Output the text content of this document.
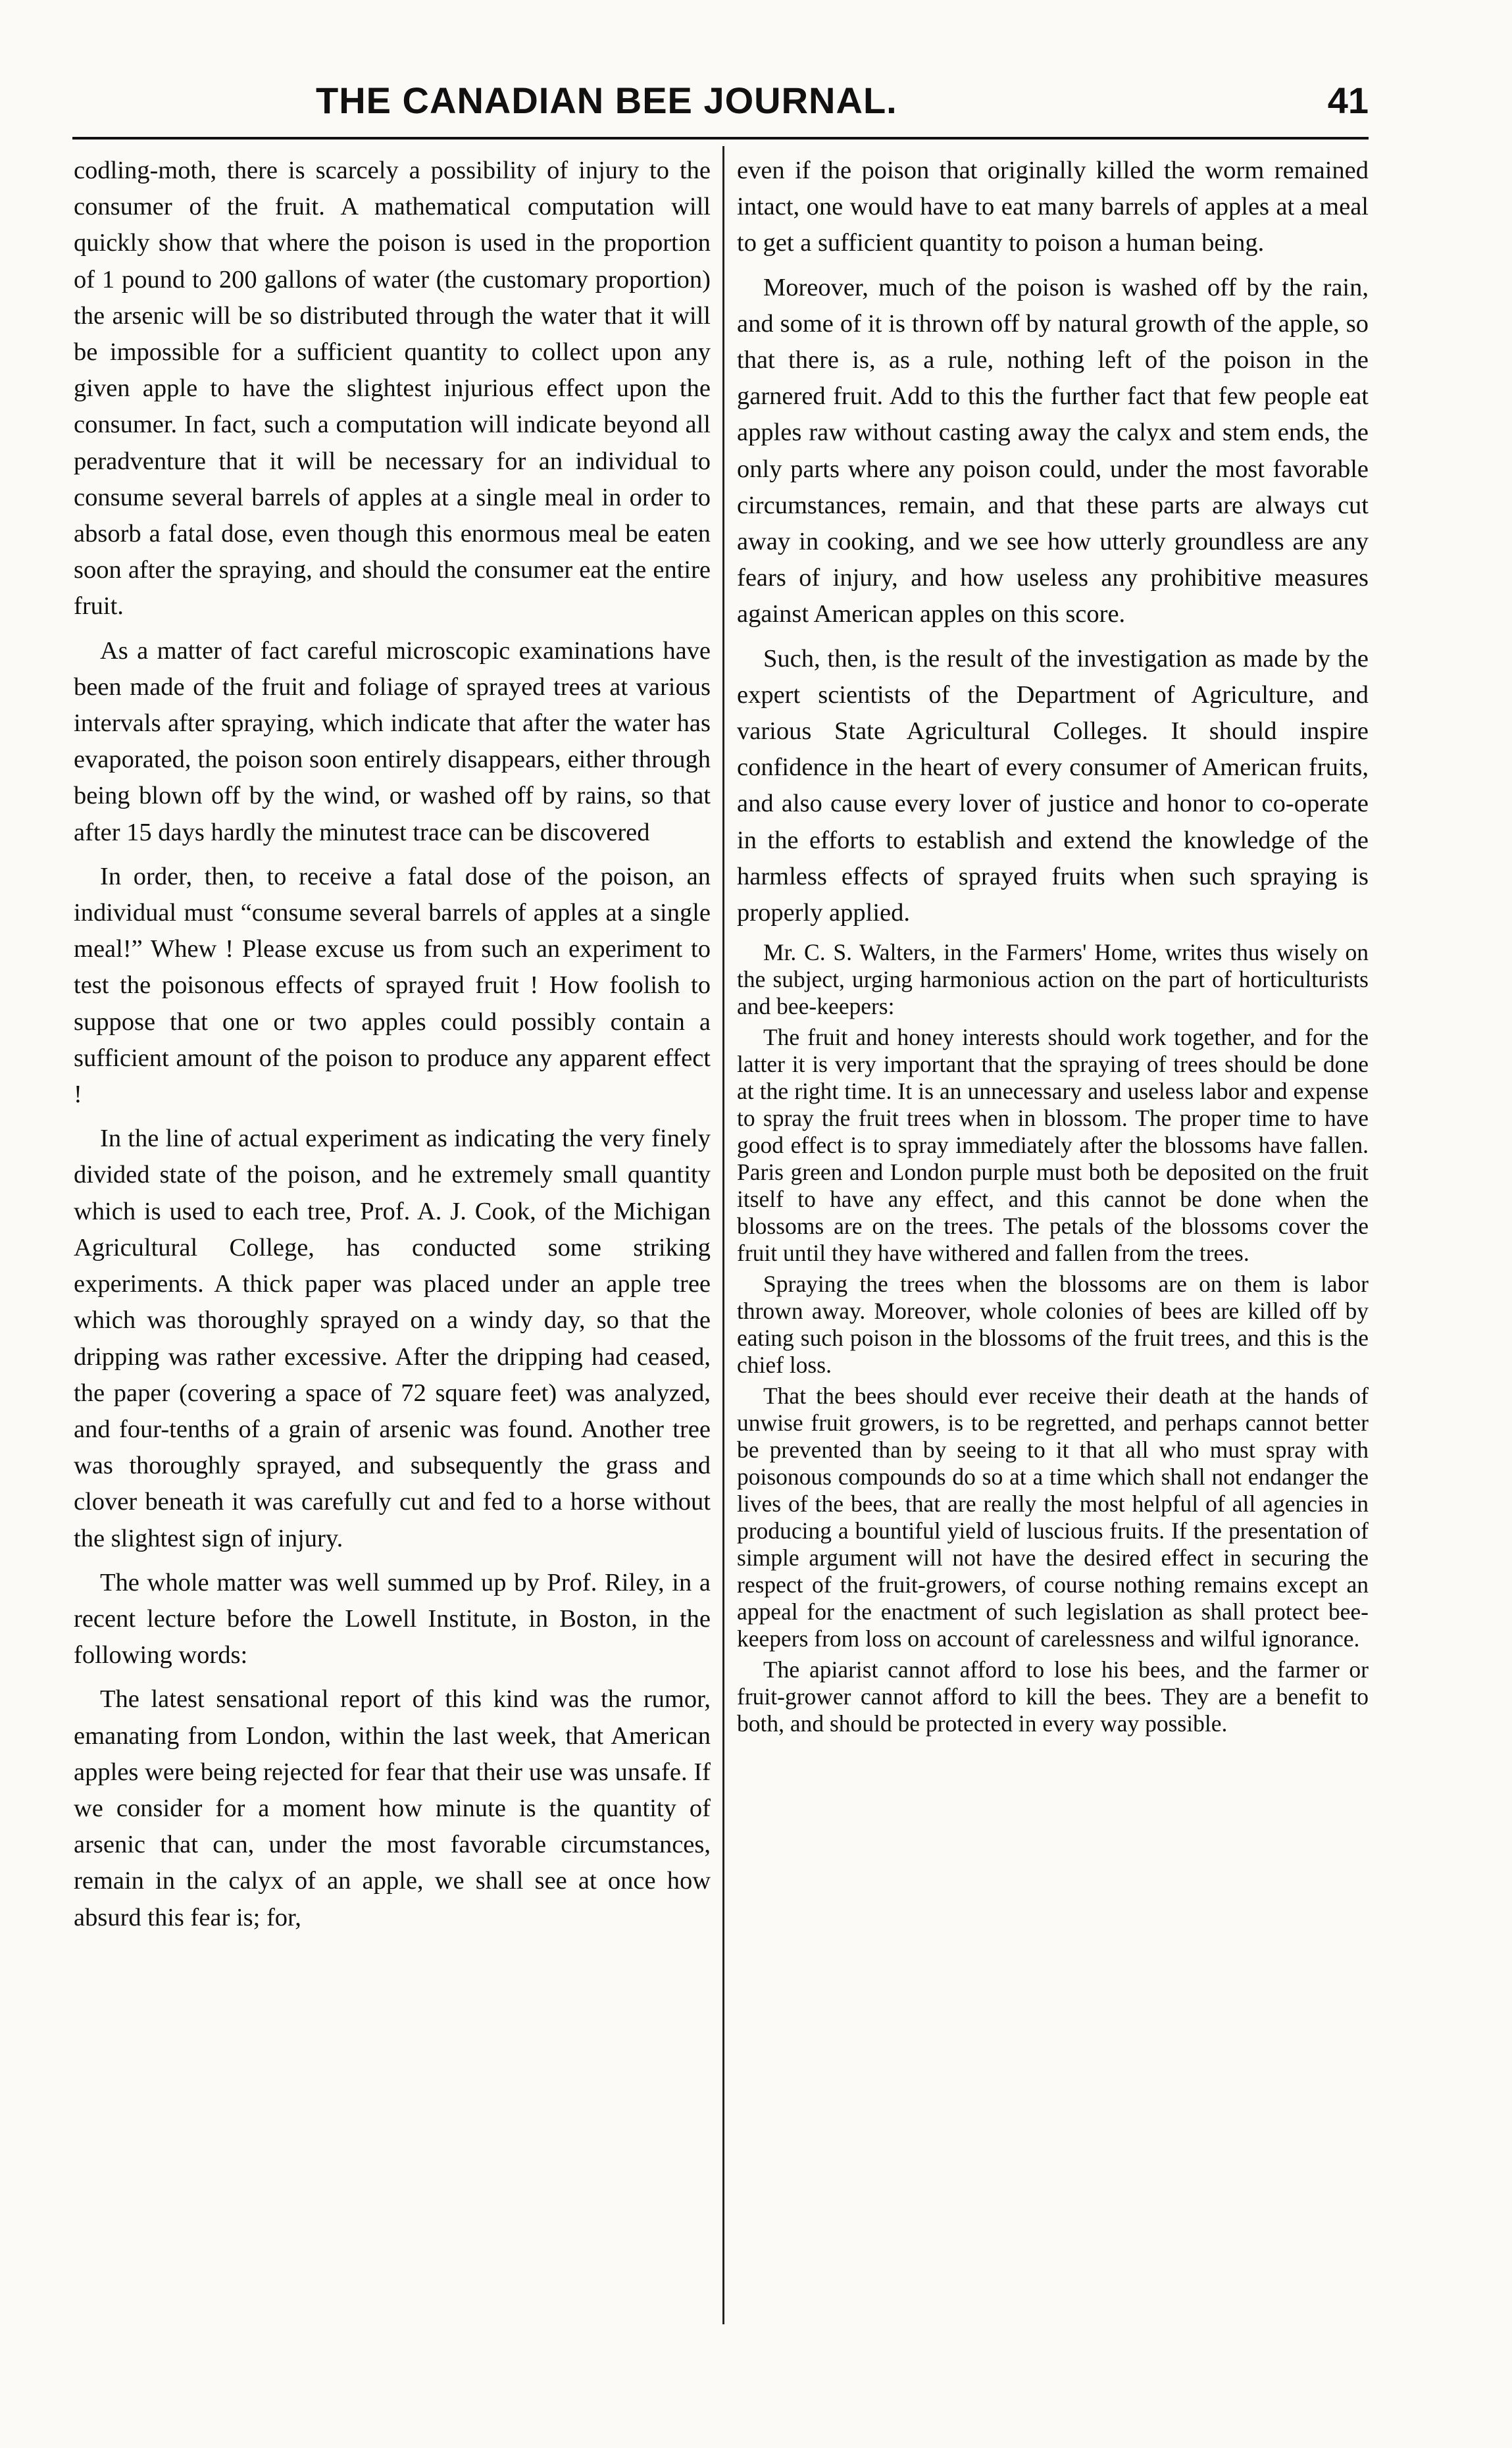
THE CANADIAN BEE JOURNAL.	41

codling-moth, there is scarcely a possibility of injury to the consumer of the fruit. A mathematical computation will quickly show that where the poison is used in the proportion of 1 pound to 200 gallons of water (the customary proportion) the arsenic will be so distributed through the water that it will be impossible for a sufficient quantity to collect upon any given apple to have the slightest injurious effect upon the consumer. In fact, such a computation will indicate beyond all peradventure that it will be necessary for an individual to consume several barrels of apples at a single meal in order to absorb a fatal dose, even though this enormous meal be eaten soon after the spraying, and should the consumer eat the entire fruit.

As a matter of fact careful microscopic examinations have been made of the fruit and foliage of sprayed trees at various intervals after spraying, which indicate that after the water has evaporated, the poison soon entirely disappears, either through being blown off by the wind, or washed off by rains, so that after 15 days hardly the minutest trace can be discovered

In order, then, to receive a fatal dose of the poison, an individual must “consume several barrels of apples at a single meal!” Whew ! Please excuse us from such an experiment to test the poisonous effects of sprayed fruit ! How foolish to suppose that one or two apples could possibly contain a sufficient amount of the poison to produce any apparent effect !

In the line of actual experiment as indicating the very finely divided state of the poison, and he extremely small quantity which is used to each tree, Prof. A. J. Cook, of the Michigan Agricultural College, has conducted some striking experiments. A thick paper was placed under an apple tree which was thoroughly sprayed on a windy day, so that the dripping was rather excessive. After the dripping had ceased, the paper (covering a space of 72 square feet) was analyzed, and four-tenths of a grain of arsenic was found. Another tree was thoroughly sprayed, and subsequently the grass and clover beneath it was carefully cut and fed to a horse without the slightest sign of injury.

The whole matter was well summed up by Prof. Riley, in a recent lecture before the Lowell Institute, in Boston, in the following words:

The latest sensational report of this kind was the rumor, emanating from London, within the last week, that American apples were being rejected for fear that their use was unsafe. If we consider for a moment how minute is the quantity of arsenic that can, under the most favorable circumstances, remain in the calyx of an apple, we shall see at once how absurd this fear is; for,

even if the poison that originally killed the worm remained intact, one would have to eat many barrels of apples at a meal to get a sufficient quantity to poison a human being.

Moreover, much of the poison is washed off by the rain, and some of it is thrown off by natural growth of the apple, so that there is, as a rule, nothing left of the poison in the garnered fruit. Add to this the further fact that few people eat apples raw without casting away the calyx and stem ends, the only parts where any poison could, under the most favorable circumstances, remain, and that these parts are always cut away in cooking, and we see how utterly groundless are any fears of injury, and how useless any prohibitive measures against American apples on this score.

Such, then, is the result of the investigation as made by the expert scientists of the Department of Agriculture, and various State Agricultural Colleges. It should inspire confidence in the heart of every consumer of American fruits, and also cause every lover of justice and honor to co-operate in the efforts to establish and extend the knowledge of the harmless effects of sprayed fruits when such spraying is properly applied.

Mr. C. S. Walters, in the Farmers' Home, writes thus wisely on the subject, urging harmonious action on the part of horticulturists and bee-keepers:

The fruit and honey interests should work together, and for the latter it is very important that the spraying of trees should be done at the right time. It is an unnecessary and useless labor and expense to spray the fruit trees when in blossom. The proper time to have good effect is to spray immediately after the blossoms have fallen. Paris green and London purple must both be deposited on the fruit itself to have any effect, and this cannot be done when the blossoms are on the trees. The petals of the blossoms cover the fruit until they have withered and fallen from the trees.

Spraying the trees when the blossoms are on them is labor thrown away. Moreover, whole colonies of bees are killed off by eating such poison in the blossoms of the fruit trees, and this is the chief loss.

That the bees should ever receive their death at the hands of unwise fruit growers, is to be regretted, and perhaps cannot better be prevented than by seeing to it that all who must spray with poisonous compounds do so at a time which shall not endanger the lives of the bees, that are really the most helpful of all agencies in producing a bountiful yield of luscious fruits. If the presentation of simple argument will not have the desired effect in securing the respect of the fruit-growers, of course nothing remains except an appeal for the enactment of such legislation as shall protect bee-keepers from loss on account of carelessness and wilful ignorance.

The apiarist cannot afford to lose his bees, and the farmer or fruit-grower cannot afford to kill the bees. They are a benefit to both, and should be protected in every way possible.
